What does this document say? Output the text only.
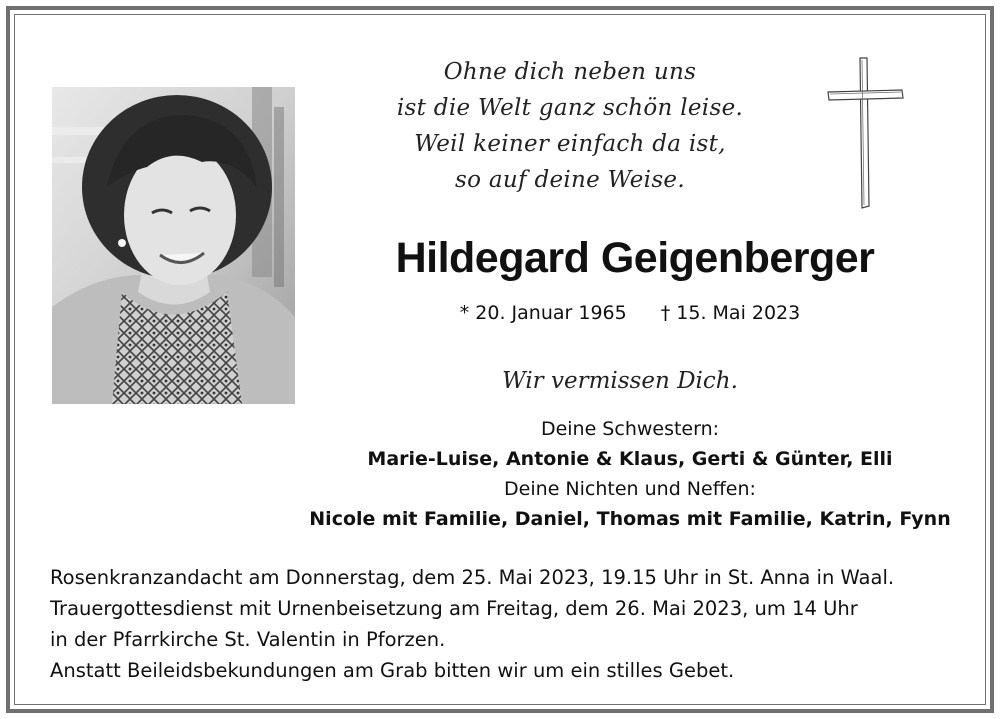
Ohne dich neben uns
ist die Welt ganz schön leise.
Weil keiner einfach da ist,
so auf deine Weise.
Hildegard Geigenberger
* 20. Januar 1965 † 15. Mai 2023
Wir vermissen Dich.
Deine Schwestern:
Marie-Luise, Antonie & Klaus, Gerti & Günter, Elli
Deine Nichten und Neffen:
Nicole mit Familie, Daniel, Thomas mit Familie, Katrin, Fynn
Rosenkranzandacht am Donnerstag, dem 25. Mai 2023, 19.15 Uhr in St. Anna in Waal.
Trauergottesdienst mit Urnenbeisetzung am Freitag, dem 26. Mai 2023, um 14 Uhr
in der Pfarrkirche St. Valentin in Pforzen.
Anstatt Beileidsbekundungen am Grab bitten wir um ein stilles Gebet.
